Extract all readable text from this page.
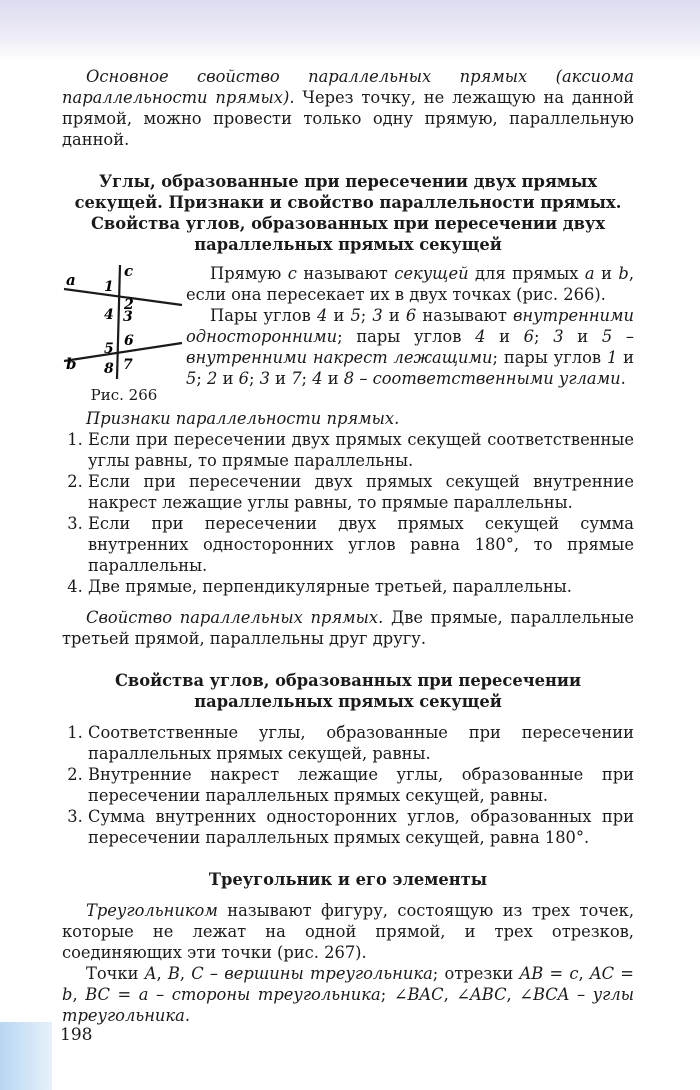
Основное свойство параллельных прямых (аксиома параллельности прямых). Через точку, не лежащую на данной прямой, можно провести только одну прямую, параллельную данной.

Углы, образованные при пересечении двух прямых
секущей. Признаки и свойство параллельности прямых.
Свойства углов, образованных при пересечении двух
параллельных прямых секущей
a
b
c
1
2
4 3
6
5
8 7
Рис. 266

Прямую c называют секущей для прямых a и b, если она пересекает их в двух точках (рис. 266).

Пары углов 4 и 5; 3 и 6 называют внутренними односторонними; пары углов 4 и 6; 3 и 5 – внутренними накрест лежащими; пары углов 1 и 5; 2 и 6; 3 и 7; 4 и 8 – соответственными углами.

Признаки параллельности прямых.

1. Если при пересечении двух прямых секущей соответственные углы равны, то прямые параллельны.
2. Если при пересечении двух прямых секущей внутренние накрест лежащие углы равны, то прямые параллельны.
3. Если при пересечении двух прямых секущей сумма внутренних односторонних углов равна 180°, то прямые параллельны.
4. Две прямые, перпендикулярные третьей, параллельны.

Свойство параллельных прямых. Две прямые, параллельные третьей прямой, параллельны друг другу.

Свойства углов, образованных при пересечении
параллельных прямых секущей
1. Соответственные углы, образованные при пересечении параллельных прямых секущей, равны.
2. Внутренние накрест лежащие углы, образованные при пересечении параллельных прямых секущей, равны.
3. Сумма внутренних односторонних углов, образованных при пересечении параллельных прямых секущей, равна 180°.
Треугольник и его элементы

Треугольником называют фигуру, состоящую из трех точек, которые не лежат на одной прямой, и трех отрезков, соединяющих эти точки (рис. 267).

Точки A, B, C – вершины треугольника; отрезки AB = c, AC = b, BC = a – стороны треугольника; ∠BAC, ∠ABC, ∠BCA – углы треугольника.

198
